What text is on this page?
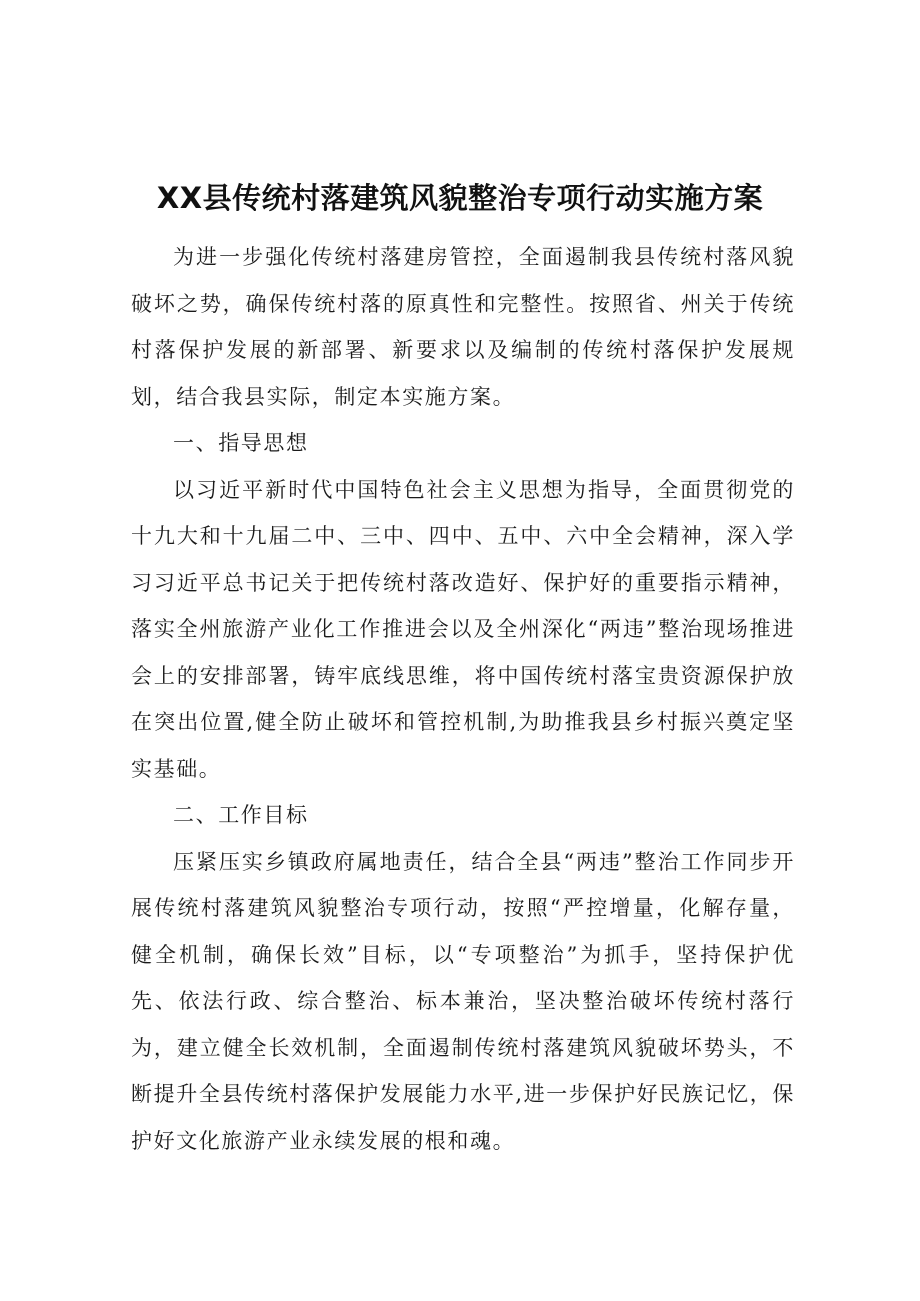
XX县传统村落建筑风貌整治专项行动实施方案

为进一步强化传统村落建房管控，全面遏制我县传统村落风貌破坏之势，确保传统村落的原真性和完整性。按照省、州关于传统村落保护发展的新部署、新要求以及编制的传统村落保护发展规划，结合我县实际，制定本实施方案。

一、指导思想

以习近平新时代中国特色社会主义思想为指导，全面贯彻党的十九大和十九届二中、三中、四中、五中、六中全会精神，深入学习习近平总书记关于把传统村落改造好、保护好的重要指示精神，落实全州旅游产业化工作推进会以及全州深化“两违”整治现场推进会上的安排部署，铸牢底线思维，将中国传统村落宝贵资源保护放在突出位置,健全防止破坏和管控机制,为助推我县乡村振兴奠定坚实基础。

二、工作目标

压紧压实乡镇政府属地责任，结合全县“两违”整治工作同步开展传统村落建筑风貌整治专项行动，按照“严控增量，化解存量，健全机制，确保长效”目标，以“专项整治”为抓手，坚持保护优先、依法行政、综合整治、标本兼治，坚决整治破坏传统村落行为，建立健全长效机制，全面遏制传统村落建筑风貌破坏势头，不断提升全县传统村落保护发展能力水平,进一步保护好民族记忆，保护好文化旅游产业永续发展的根和魂。
